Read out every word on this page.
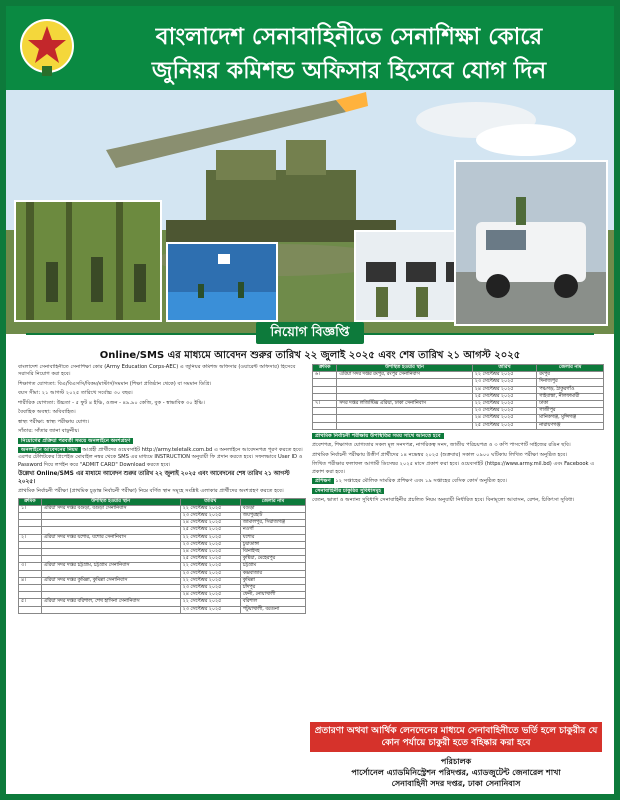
বাংলাদেশ সেনাবাহিনীতে সেনাশিক্ষা কোরে
জুনিয়র কমিশন্ড অফিসার হিসেবে যোগ দিন
নিয়োগ বিজ্ঞপ্তি
Online/SMS এর মাধ্যমে আবেদন শুরুর তারিখ ২২ জুলাই ২০২৫ এবং শেষ তারিখ ২১ আগস্ট ২০২৫

বাংলাদেশ সেনাবাহিনীতে সেনাশিক্ষা কোর (Army Education Corps-AEC) এ জুনিয়র কমিশন্ড অফিসার (ওয়ারেন্ট অফিসার) হিসেবে সরাসরি নিয়োগ করা হবে।

শিক্ষাগত যোগ্যতা: বিএ/বিএসসি/বিকম/মাস্টার্স/সমমান (শিক্ষা প্রতিষ্ঠান থেকে) বা সমমান ডিগ্রি।

বয়স সীমা: ২১ আগস্ট ২০২৫ তারিখে সর্বোচ্চ ৩০ বছর।

শারীরিক যোগ্যতা: উচ্চতা - ৫ ফুট ৪ ইঞ্চি, ওজন - ৪৯.৯০ কেজি, বুক - স্বাভাবিক ৩০ ইঞ্চি।

বৈবাহিক অবস্থা: অবিবাহিত।

স্বাস্থ্য পরীক্ষা: স্বাস্থ্য পরীক্ষায় যোগ্য।

সাঁতার: সাঁতার জানা বাঞ্ছনীয়।

নিয়োগের প্রক্রিয়া পরবর্তী সময়ে অনলাইনে অংশগ্রহণ

অনলাইনে আবেদনের নিয়ম আগ্রহী প্রার্থীদের ওয়েবসাইট http://army.teletalk.com.bd এ অনলাইনে আবেদনপত্র পূরণ করতে হবে। এরপর টেলিটকের প্রিপেইড মোবাইল নম্বর থেকে SMS এর মাধ্যমে INSTRUCTION অনুযায়ী ফি প্রদান করতে হবে। সফলভাবে User ID ও Password দিয়ে লগইন করে "ADMIT CARD" Download করতে হবে।

উল্লেখ্য Online/SMS এর মাধ্যমে আবেদন শুরুর তারিখ ২২ জুলাই ২০২৫ এবং আবেদনের শেষ তারিখ ২১ আগস্ট ২০২৫।

প্রাথমিক নির্বাচনী পরীক্ষা (প্রাথমিক চূড়ান্ত নির্বাচনী পরীক্ষা) নিম্নে বর্ণিত স্থান সমূহে সংশ্লিষ্ট এলাকার প্রার্থীদের অংশগ্রহণ করতে হবে।

ক্রমিক	উপস্থিত হওয়ার স্থান	তারিখ	জেলার নাম
১।	এরিয়া সদর দপ্তর বগুড়া, বগুড়া সেনানিবাস	২২ সেপ্টেম্বর ২০২৫	বগুড়া
		২৩ সেপ্টেম্বর ২০২৫	জয়পুরহাট
		২৪ সেপ্টেম্বর ২০২৫	জামালপুর, সিরাজগঞ্জ
		২৫ সেপ্টেম্বর ২০২৫	নওগাঁ
২।	এরিয়া সদর দপ্তর যশোর, যশোর সেনানিবাস	২২ সেপ্টেম্বর ২০২৫	যশোর
		২৩ সেপ্টেম্বর ২০২৫	চুয়াডাঙ্গা
		২৪ সেপ্টেম্বর ২০২৫	ঝিনাইদহ
		২৫ সেপ্টেম্বর ২০২৫	কুষ্টিয়া, মেহেরপুর
৩।	এরিয়া সদর দপ্তর চট্টগ্রাম, চট্টগ্রাম সেনানিবাস	২২ সেপ্টেম্বর ২০২৫	চট্টগ্রাম
		২৩ সেপ্টেম্বর ২০২৫	কক্সবাজার
৪।	এরিয়া সদর দপ্তর কুমিল্লা, কুমিল্লা সেনানিবাস	২২ সেপ্টেম্বর ২০২৫	কুমিল্লা
		২৩ সেপ্টেম্বর ২০২৫	চাঁদপুর
		২৪ সেপ্টেম্বর ২০২৫	ফেনী, নোয়াখালী
৫।	এরিয়া সদর দপ্তর বরিশাল, শেখ হাসিনা সেনানিবাস	২২ সেপ্টেম্বর ২০২৫	বরিশাল
		২৩ সেপ্টেম্বর ২০২৫	পটুয়াখালী, বরগুনা
ক্রমিক	উপস্থিত হওয়ার স্থান	তারিখ	জেলার নাম
৬।	এরিয়া সদর দপ্তর রংপুর, রংপুর সেনানিবাস	২২ সেপ্টেম্বর ২০২৫	রংপুর
		২৩ সেপ্টেম্বর ২০২৫	দিনাজপুর
		২৪ সেপ্টেম্বর ২০২৫	পঞ্চগড়, ঠাকুরগাঁও
		২৫ সেপ্টেম্বর ২০২৫	গাইবান্ধা, নীলফামারী
৭।	সদর দপ্তর লজিস্টিক্স এরিয়া, ঢাকা সেনানিবাস	২২ সেপ্টেম্বর ২০২৫	ঢাকা
		২৩ সেপ্টেম্বর ২০২৫	গাজীপুর
		২৪ সেপ্টেম্বর ২০২৫	মানিকগঞ্জ, মুন্সিগঞ্জ
		২৫ সেপ্টেম্বর ২০২৫	নারায়ণগঞ্জ

প্রাথমিক নির্বাচনী পরীক্ষায় উপস্থিতির সময় সাথে আনতে হবে

প্রবেশপত্র, শিক্ষাগত যোগ্যতার সকল মূল সনদপত্র, নাগরিকত্ব সনদ, জাতীয় পরিচয়পত্র ও ৩ কপি পাসপোর্ট সাইজের রঙিন ছবি।

প্রাথমিক নির্বাচনী পরীক্ষায় উত্তীর্ণ প্রার্থীদের ১৪ নভেম্বর ২০২৫ (শুক্রবার) সকাল ০৯০০ ঘটিকায় লিখিত পরীক্ষা অনুষ্ঠিত হবে।

লিখিত পরীক্ষার ফলাফল আগামী ডিসেম্বর ২০২৫ মাসে প্রকাশ করা হবে। ওয়েবসাইট (https://www.army.mil.bd) এবং Facebook এ প্রকাশ করা হবে।

প্রশিক্ষণ ১২ সপ্তাহের মৌলিক সামরিক প্রশিক্ষণ এবং ১৯ সপ্তাহের বেসিক কোর্স অনুষ্ঠিত হবে।

সেনাবাহিনীর চাকুরির সুবিধাসমূহ

বেতন, ভাতা ও অন্যান্য সুবিধাদি সেনাবাহিনীর প্রচলিত নিয়ম অনুযায়ী নির্ধারিত হবে। বিনামূল্যে আবাসন, রেশন, চিকিৎসা সুবিধা।

প্রতারণা অথবা আর্থিক লেনদেনের মাধ্যমে সেনাবাহিনীতে ভর্তি হলে চাকুরীর যে কোন পর্যায়ে চাকুরী হতে বহিষ্কার করা হবে
পরিচালক
পার্সোনেল এ্যাডমিনিস্ট্রেশন পরিদপ্তর, এ্যাডজুটেন্ট জেনারেল শাখা
সেনাবাহিনী সদর দপ্তর, ঢাকা সেনানিবাস
